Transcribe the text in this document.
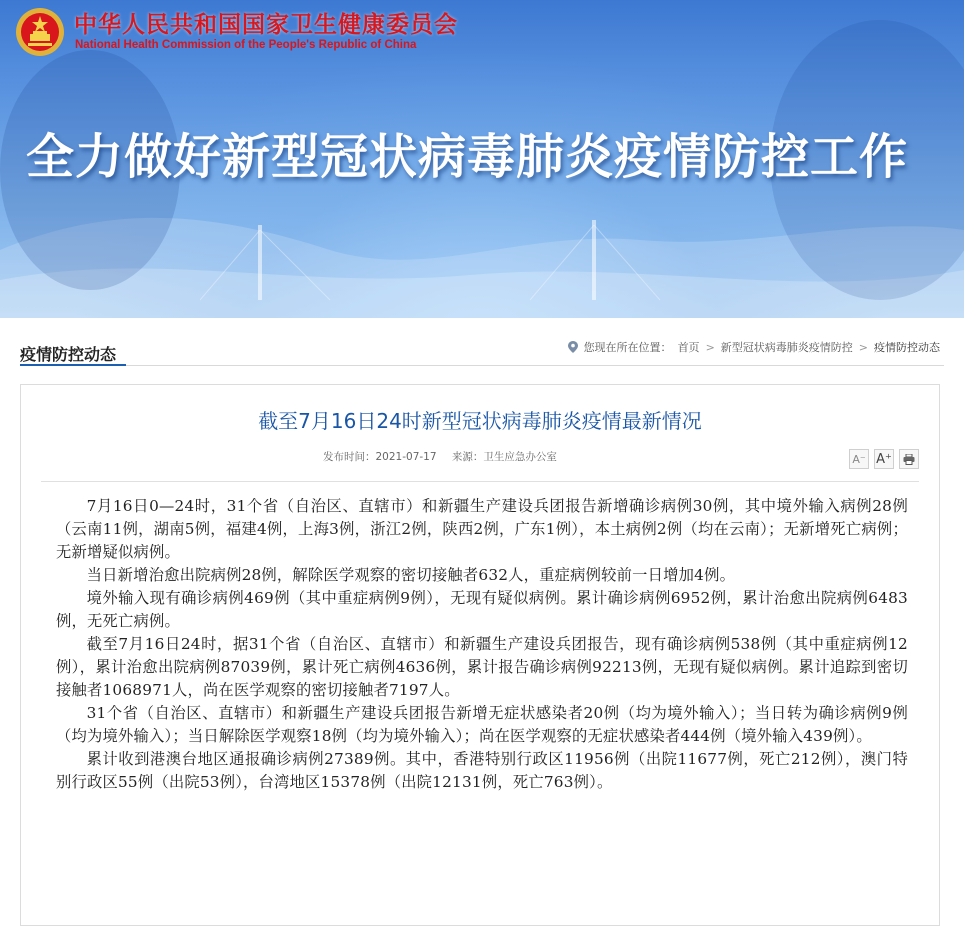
中华人民共和国国家卫生健康委员会
National Health Commission of the People's Republic of China
全力做好新型冠状病毒肺炎疫情防控工作
疫情防控动态	您现在所在位置： 首页 > 新型冠状病毒肺炎疫情防控 > 疫情防控动态
截至7月16日24时新型冠状病毒肺炎疫情最新情况
发布时间：2021-07-17 来源：卫生应急办公室	A⁻ A⁺

7月16日0—24时，31个省（自治区、直辖市）和新疆生产建设兵团报告新增确诊病例30例，其中境外输入病例28例（云南11例，湖南5例，福建4例，上海3例，浙江2例，陕西2例，广东1例），本土病例2例（均在云南）；无新增死亡病例；无新增疑似病例。

当日新增治愈出院病例28例，解除医学观察的密切接触者632人，重症病例较前一日增加4例。

境外输入现有确诊病例469例（其中重症病例9例），无现有疑似病例。累计确诊病例6952例，累计治愈出院病例6483例，无死亡病例。

截至7月16日24时，据31个省（自治区、直辖市）和新疆生产建设兵团报告，现有确诊病例538例（其中重症病例12例），累计治愈出院病例87039例，累计死亡病例4636例，累计报告确诊病例92213例，无现有疑似病例。累计追踪到密切接触者1068971人，尚在医学观察的密切接触者7197人。

31个省（自治区、直辖市）和新疆生产建设兵团报告新增无症状感染者20例（均为境外输入）；当日转为确诊病例9例（均为境外输入）；当日解除医学观察18例（均为境外输入）；尚在医学观察的无症状感染者444例（境外输入439例）。

累计收到港澳台地区通报确诊病例27389例。其中，香港特别行政区11956例（出院11677例，死亡212例），澳门特别行政区55例（出院53例），台湾地区15378例（出院12131例，死亡763例）。
